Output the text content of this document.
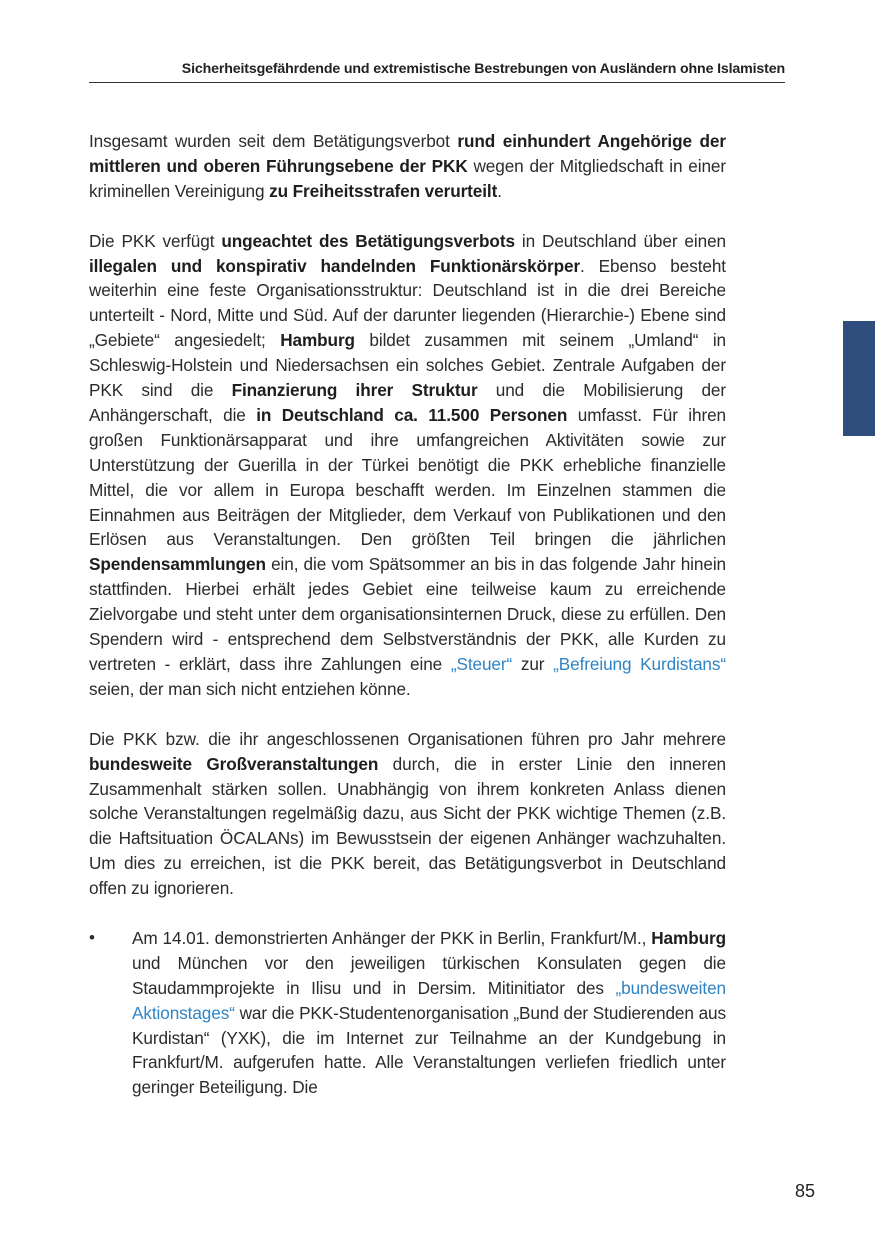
Sicherheitsgefährdende und extremistische Bestrebungen von Ausländern ohne Islamisten

Insgesamt wurden seit dem Betätigungsverbot rund einhundert Angehörige der mittleren und oberen Führungsebene der PKK wegen der Mitgliedschaft in einer kriminellen Vereinigung zu Freiheitsstrafen verurteilt.

Die PKK verfügt ungeachtet des Betätigungsverbots in Deutschland über einen illegalen und konspirativ handelnden Funktionärskörper. Ebenso besteht weiterhin eine feste Organisationsstruktur: Deutschland ist in die drei Bereiche unterteilt - Nord, Mitte und Süd. Auf der darunter liegenden (Hierarchie-) Ebene sind „Gebiete“ angesiedelt; Hamburg bildet zusammen mit seinem „Umland“ in Schleswig-Holstein und Niedersachsen ein solches Gebiet. Zentrale Aufgaben der PKK sind die Finanzierung ihrer Struktur und die Mobilisierung der Anhängerschaft, die in Deutschland ca. 11.500 Personen umfasst. Für ihren großen Funktionärsapparat und ihre umfangreichen Aktivitäten sowie zur Unterstützung der Guerilla in der Türkei benötigt die PKK erhebliche finanzielle Mittel, die vor allem in Europa beschafft werden. Im Einzelnen stammen die Einnahmen aus Beiträgen der Mitglieder, dem Verkauf von Publikationen und den Erlösen aus Veranstaltungen. Den größten Teil bringen die jährlichen Spendensammlungen ein, die vom Spätsommer an bis in das folgende Jahr hinein stattfinden. Hierbei erhält jedes Gebiet eine teilweise kaum zu erreichende Zielvorgabe und steht unter dem organisationsinternen Druck, diese zu erfüllen. Den Spendern wird - entsprechend dem Selbstverständnis der PKK, alle Kurden zu vertreten - erklärt, dass ihre Zahlungen eine „Steuer“ zur „Befreiung Kurdistans“ seien, der man sich nicht entziehen könne.

Die PKK bzw. die ihr angeschlossenen Organisationen führen pro Jahr mehrere bundesweite Großveranstaltungen durch, die in erster Linie den inneren Zusammenhalt stärken sollen. Unabhängig von ihrem konkreten Anlass dienen solche Veranstaltungen regelmäßig dazu, aus Sicht der PKK wichtige Themen (z.B. die Haftsituation ÖCALANs) im Bewusstsein der eigenen Anhänger wachzuhalten. Um dies zu erreichen, ist die PKK bereit, das Betätigungsverbot in Deutschland offen zu ignorieren.

• Am 14.01. demonstrierten Anhänger der PKK in Berlin, Frankfurt/M., Hamburg und München vor den jeweiligen türkischen Konsulaten gegen die Staudammprojekte in Ilisu und in Dersim. Mitinitiator des „bundesweiten Aktionstages“ war die PKK-Studentenorganisation „Bund der Studierenden aus Kurdistan“ (YXK), die im Internet zur Teilnahme an der Kundgebung in Frankfurt/M. aufgerufen hatte. Alle Veranstaltungen verliefen friedlich unter geringer Beteiligung. Die
85
